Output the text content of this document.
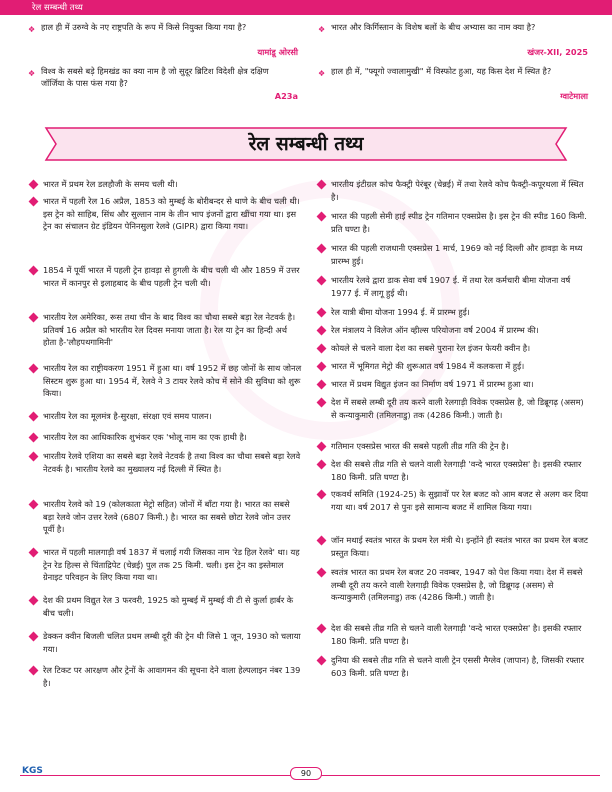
रेल सम्बन्धी तथ्य
❖ हाल ही में उरुग्वे के नए राष्ट्रपति के रूप में किसे नियुक्त किया गया है?
यामांडू ओरसी
❖ भारत और किर्गिस्तान के विशेष बलों के बीच अभ्यास का नाम क्या है?
खंजर-XII, 2025
❖ विश्व के सबसे बड़े हिमखंड का क्या नाम है जो सुदूर ब्रिटिश विदेशी क्षेत्र दक्षिण जॉर्जिया के पास फंस गया है?
A23a
❖ हाल ही में, "फ्यूगो ज्वालामुखी" में विस्फोट हुआ, यह किस देश में स्थित है?
ग्वाटेमाला
रेल सम्बन्धी तथ्य
भारत में प्रथम रेल डलहौजी के समय चली थी।
भारत में पहली रेल 16 अप्रैल, 1853 को मुम्बई के बोरीबन्दर से थाणे के बीच चली थी। इस ट्रेन को साहिब, सिंध और सुल्तान नाम के तीन भाप इंजनों द्वारा खींचा गया था। इस ट्रेन का संचालन ग्रेट इंडियन पेनिनसुला रेलवे (GIPR) द्वारा किया गया।
1854 में पूर्वी भारत में पहली ट्रेन हावड़ा से हुगली के बीच चली थी और 1859 में उत्तर भारत में कानपुर से इलाहबाद के बीच पहली ट्रेन चली थी।
भारतीय रेल अमेरिका, रूस तथा चीन के बाद विश्व का चौथा सबसे बड़ा रेल नेटवर्क है। प्रतिवर्ष 16 अप्रैल को भारतीय रेल दिवस मनाया जाता है। रेल या ट्रेन का हिन्दी अर्थ होता है-'लौहपथगामिनी'
भारतीय रेल का राष्ट्रीयकरण 1951 में हुआ था। वर्ष 1952 में छह जोनों के साथ जोनल सिस्टम शुरू हुआ था। 1954 में, रेलवे ने 3 टायर रेलवे कोच में सोने की सुविधा को शुरू किया।
भारतीय रेल का मूलमंत्र है-सुरक्षा, संरक्षा एवं समय पालन।
भारतीय रेल का आधिकारिक शुभंकर एक 'भोलू नाम का एक हाथी है।
भारतीय रेलवे एशिया का सबसे बड़ा रेलवे नेटवर्क है तथा विश्व का चौथा सबसे बड़ा रेलवे नेटवर्क है। भारतीय रेलवे का मुख्यालय नई दिल्ली में स्थित है।
भारतीय रेलवे को 19 (कोलकाता मेट्रो सहित) जोनों में बाँटा गया है। भारत का सबसे बड़ा रेलवे जोन उत्तर रेलवे (6807 किमी.) है। भारत का सबसे छोटा रेलवे जोन उत्तर पूर्वी है।
भारत में पहली मालगाड़ी वर्ष 1837 में चलाई गयी जिसका नाम 'रेड हिल रेलवे' था। यह ट्रेन रेड हिल्स से चिंताद्रिपेट (चेन्नई) पुल तक 25 किमी. चली। इस ट्रेन का इस्तेमाल ग्रेनाइट परिवहन के लिए किया गया था।
देश की प्रथम विद्युत रेल 3 फरवरी, 1925 को मुम्बई में मुम्बई वी टी से कुर्ला हार्बर के बीच चली।
डेक्कन क्वीन बिजली चलित प्रथम लम्बी दूरी की ट्रेन थी जिसे 1 जून, 1930 को चलाया गया।
रेल टिकट पर आरक्षण और ट्रेनों के आवागमन की सूचना देने वाला हेल्पलाइन नंबर 139 है।
भारतीय इंटीग्रल कोच फैक्ट्री पेरंबूर (चेन्नई) में तथा रेलवे कोच फैक्ट्री-कपूरथला में स्थित है।
भारत की पहली सेमी हाई स्पीड ट्रेन गतिमान एक्सप्रेस है। इस ट्रेन की स्पीड 160 किमी. प्रति घण्टा है।
भारत की पहली राजधानी एक्सप्रेस 1 मार्च, 1969 को नई दिल्ली और हावड़ा के मध्य प्रारम्भ हुई।
भारतीय रेलवे द्वारा डाक सेवा वर्ष 1907 ई. में तथा रेल कर्मचारी बीमा योजना वर्ष 1977 ई. में लागू हुई थी।
रेल यात्री बीमा योजना 1994 ई. में प्रारम्भ हुई।
रेल मंत्रालय ने विलेज ऑन व्हील्स परियोजना वर्ष 2004 में प्रारम्भ की।
कोयले से चलने वाला देश का सबसे पुराना रेल इंजन फेयरी क्वीन है।
भारत में भूमिगत मेट्रो की शुरूआत वर्ष 1984 में कलकत्ता में हुई।
भारत में प्रथम विद्युत इंजन का निर्माण वर्ष 1971 में प्रारम्भ हुआ था।
देश में सबसे लम्बी दूरी तय करने वाली रेलगाड़ी विवेक एक्सप्रेस है, जो डिब्रूगढ़ (असम) से कन्याकुमारी (तमिलनाडु) तक (4286 किमी.) जाती है।
गतिमान एक्सप्रेस भारत की सबसे पहली तीव्र गति की ट्रेन है।
देश की सबसे तीव्र गति से चलने वाली रेलगाड़ी 'वन्दे भारत एक्सप्रेस' है। इसकी रफ्तार 180 किमी. प्रति घण्टा है।
एकवर्थ समिति (1924-25) के सुझावों पर रेल बजट को आम बजट से अलग कर दिया गया था। वर्ष 2017 से पुनः इसे सामान्य बजट में शामिल किया गया।
जॉन मथाई स्वतंत्र भारत के प्रथम रेल मंत्री थे। इन्होंने ही स्वतंत्र भारत का प्रथम रेल बजट प्रस्तुत किया।
स्वतंत्र भारत का प्रथम रेल बजट 20 नवम्बर, 1947 को पेश किया गया। देश में सबसे लम्बी दूरी तय करने वाली रेलगाड़ी विवेक एक्सप्रेस है, जो डिब्रूगढ़ (असम) से कन्याकुमारी (तमिलनाडु) तक (4286 किमी.) जाती है।
देश की सबसे तीव्र गति से चलने वाली रेलगाड़ी 'वन्दे भारत एक्सप्रेस' है। इसकी रफ्तार 180 किमी. प्रति घण्टा है।
दुनिया की सबसे तीव्र गति से चलने वाली ट्रेन एससी मैग्लेव (जापान) है, जिसकी रफ्तार 603 किमी. प्रति घण्टा है।
KGS	90
